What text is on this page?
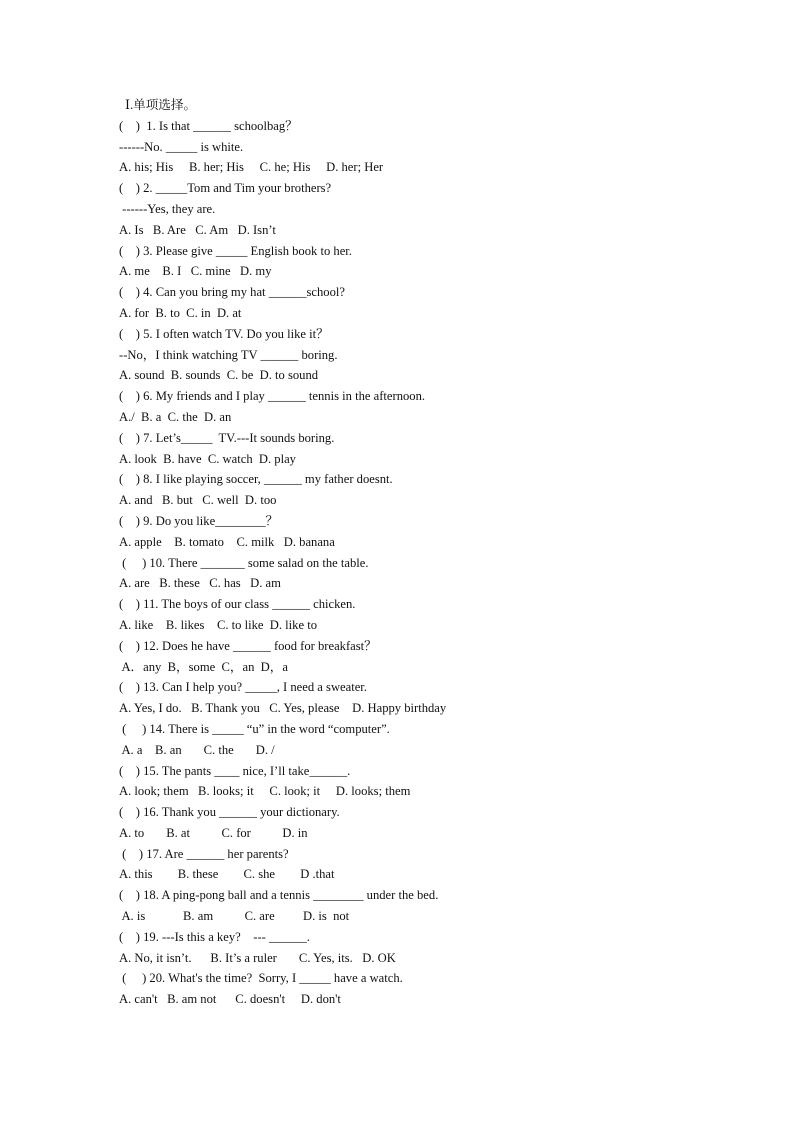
Ⅰ.单项选择。
(    )  1. Is that ______ schoolbag？
------No. _____ is white.
A. his; His     B. her; His     C. he; His     D. her; Her
(    ) 2. _____Tom and Tim your brothers?
------Yes, they are.
A. Is   B. Are   C. Am   D. Isn’t
(    ) 3. Please give _____ English book to her.
A. me    B. I   C. mine   D. my
(    ) 4. Can you bring my hat ______school?
A. for  B. to  C. in  D. at
(    ) 5. I often watch TV. Do you like it？
--No，I think watching TV ______ boring.
A. sound  B. sounds  C. be  D. to sound
(    ) 6. My friends and I play ______ tennis in the afternoon.
A./  B. a  C. the  D. an
(    ) 7. Let’s_____  TV.---It sounds boring.
A. look  B. have  C. watch  D. play
(    ) 8. I like playing soccer, ______ my father doesnt.
A. and   B. but   C. well  D. too
(    ) 9. Do you like________？
A. apple    B. tomato    C. milk   D. banana
(     ) 10. There _______ some salad on the table.
A. are   B. these   C. has   D. am
(    ) 11. The boys of our class ______ chicken.
A. like    B. likes    C. to like  D. like to
(    ) 12. Does he have ______ food for breakfast？
A．any  B，some  C，an  D，a
(    ) 13. Can I help you? _____, I need a sweater.
A. Yes, I do.   B. Thank you   C. Yes, please    D. Happy birthday
(     ) 14. There is _____ “u” in the word “computer”.
A. a    B. an       C. the       D. /
(    ) 15. The pants ____ nice, I’ll take______.
A. look; them   B. looks; it     C. look; it     D. looks; them
(    ) 16. Thank you ______ your dictionary.
A. to       B. at          C. for          D. in
(    ) 17. Are ______ her parents?
A. this        B. these        C. she        D .that
(    ) 18. A ping-pong ball and a tennis ________ under the bed.
A. is            B. am          C. are         D. is  not
(    ) 19. ---Is this a key?    --- ______.
A. No, it isn’t.      B. It’s a ruler       C. Yes, its.   D. OK
(     ) 20. What's the time?  Sorry, I _____ have a watch.
A. can't   B. am not      C. doesn't     D. don't
